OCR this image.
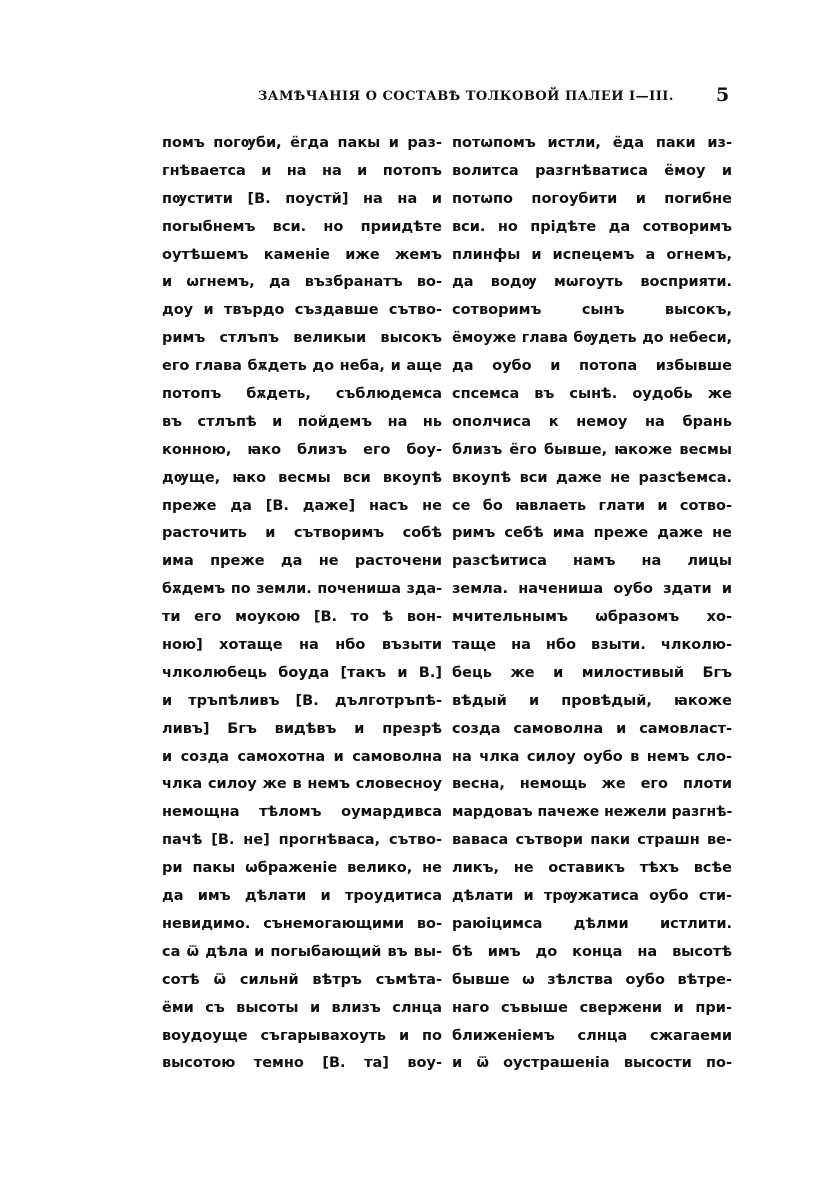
ЗАМѢЧАНІЯ О СОСТАВѢ ТОЛКОВОЙ ПАЛЕИ I—III. 5
помъ погѹби, ёгда пакы и раз-
гнѣваетса и на на и потопъ
пѹстити [В. поустй] на на и
погыбнемъ вси. но приидѣте
оутѣшемъ каменіе иже жемъ
и ѡгнемъ, да възбранатъ во-
доу и твърдо създавше сътво-
римъ стлъпъ великыи высокъ
его глава бѫдеть до неба, и аще
потопъ бѫдеть, съблюдемса
въ стлъпѣ и пойдемъ на нь
конною, ꙗко близъ его боу-
дѹще, ꙗко весмы вси вкоупѣ
преже да [В. даже] насъ не
расточить и сътворимъ собѣ
има преже да не расточени
бѫдемъ по земли. почениша зда-
ти его моукою [В. то ѣ вон-
ною] хотаще на нбо възыти
члколюбець боуда [такъ и В.]
и тръпѣливъ [В. дълготръпѣ-
ливъ] Бгъ видѣвъ и презрѣ
и созда самохотна и самоволна
члка силоу же в немъ словесноу
немощна тѣломъ оумардивса
пачѣ [В. не] прогнѣваса, сътво-
ри пакы ѡбраженіе велико, не
да имъ дѣлати и троудитиса
невидимо. сънемогающими во-
са ѿ дѣла и погыбающий въ вы-
сотѣ ѿ сильнй вѣтръ съмѣта-
ёми съ высоты и влизъ слнца
воудоуще съгарывахоуть и по
высотою темно [В. та] воу-
потѡпомъ истли, ёда паки из-
волитса разгнѣватиса ёмоу и
потѡпо погоубити и погибне
вси. но прідѣте да сотворимъ
плинфы и испецемъ а огнемъ,
да водѹ мѡгоуть восприяти.
сотворимъ сынъ высокъ,
ёмоуже глава бѹдеть до небеси,
да оубо и потопа избывше
спсемса въ сынѣ. оудобь же
ополчиса к немоу на брань
близъ ёго бывше, ꙗкоже весмы
вкоупѣ вси даже не разсѣемса.
се бо ꙗвлаеть глати и сотво-
римъ себѣ има преже даже не
разсѣитиса намъ на лицы
земла. начениша оубо здати и
мчительнымъ ѡбразомъ хо-
таще на нбо взыти. члколю-
бець же и милостивый Бгъ
вѣдый и провѣдый, ꙗкоже
созда самоволна и самовласт-
на члка силоу оубо в немъ сло-
весна, немощь же его плоти
мардоваъ пачеже нежели разгнѣ-
ваваса сътвори паки страшн ве-
ликъ, не оставикъ тѣхъ всѣе
дѣлати и трѹжатиса оубо сти-
раюіцимса дѣлми истлити.
бѣ имъ до конца на высотѣ
бывше ѡ зѣлства оубо вѣтре-
наго съвыше свержени и при-
ближеніемъ слнца сжагаеми
и ѿ оустрашеніа высости по-
